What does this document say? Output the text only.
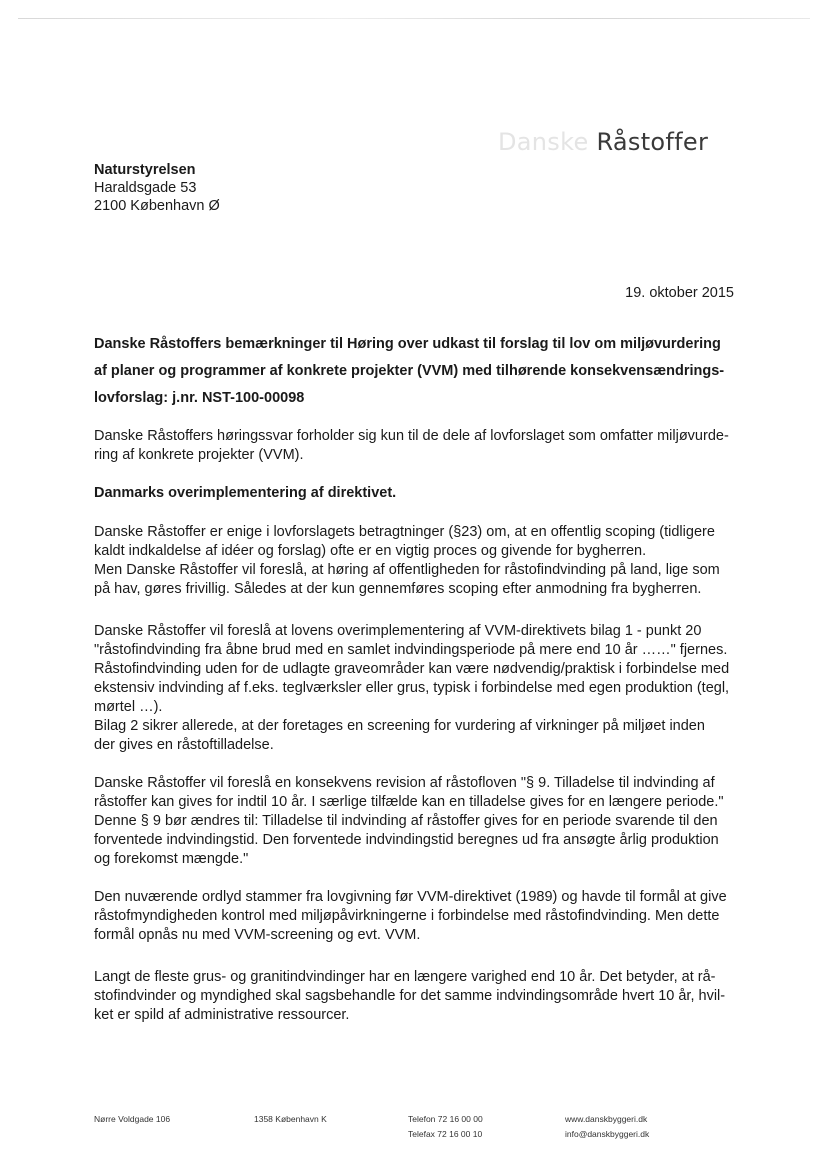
Danske Råstoffer
Naturstyrelsen
Haraldsgade 53
2100 København Ø
19. oktober 2015
Danske Råstoffers bemærkninger til Høring over udkast til forslag til lov om miljøvurdering
af planer og programmer af konkrete projekter (VVM) med tilhørende konsekvensændrings-
lovforslag: j.nr. NST-100-00098
Danske Råstoffers høringssvar forholder sig kun til de dele af lovforslaget som omfatter miljøvurde-
ring af konkrete projekter (VVM).
Danmarks overimplementering af direktivet.
Danske Råstoffer er enige i lovforslagets betragtninger (§23) om, at en offentlig scoping (tidligere
kaldt indkaldelse af idéer og forslag) ofte er en vigtig proces og givende for bygherren.
Men Danske Råstoffer vil foreslå, at høring af offentligheden for råstofindvinding på land, lige som
på hav, gøres frivillig. Således at der kun gennemføres scoping efter anmodning fra bygherren.
Danske Råstoffer vil foreslå at lovens overimplementering af VVM-direktivets bilag 1 - punkt 20
"råstofindvinding fra åbne brud med en samlet indvindingsperiode på mere end 10 år ……" fjernes.
Råstofindvinding uden for de udlagte graveområder kan være nødvendig/praktisk i forbindelse med
ekstensiv indvinding af f.eks. teglværksler eller grus, typisk i forbindelse med egen produktion (tegl,
mørtel …).
Bilag 2 sikrer allerede, at der foretages en screening for vurdering af virkninger på miljøet inden
der gives en råstoftilladelse.
Danske Råstoffer vil foreslå en konsekvens revision af råstofloven "§ 9. Tilladelse til indvinding af
råstoffer kan gives for indtil 10 år. I særlige tilfælde kan en tilladelse gives for en længere periode."
Denne § 9 bør ændres til: Tilladelse til indvinding af råstoffer gives for en periode svarende til den
forventede indvindingstid. Den forventede indvindingstid beregnes ud fra ansøgte årlig produktion
og forekomst mængde."
Den nuværende ordlyd stammer fra lovgivning før VVM-direktivet (1989) og havde til formål at give
råstofmyndigheden kontrol med miljøpåvirkningerne i forbindelse med råstofindvinding. Men dette
formål opnås nu med VVM-screening og evt. VVM.
Langt de fleste grus- og granitindvindinger har en længere varighed end 10 år. Det betyder, at rå-
stofindvinder og myndighed skal sagsbehandle for det samme indvindingsområde hvert 10 år, hvil-
ket er spild af administrative ressourcer.
Nørre Voldgade 106	1358 København K	Telefon 72 16 00 00
Telefax 72 16 00 10
www.danskbyggeri.dk
info@danskbyggeri.dk
